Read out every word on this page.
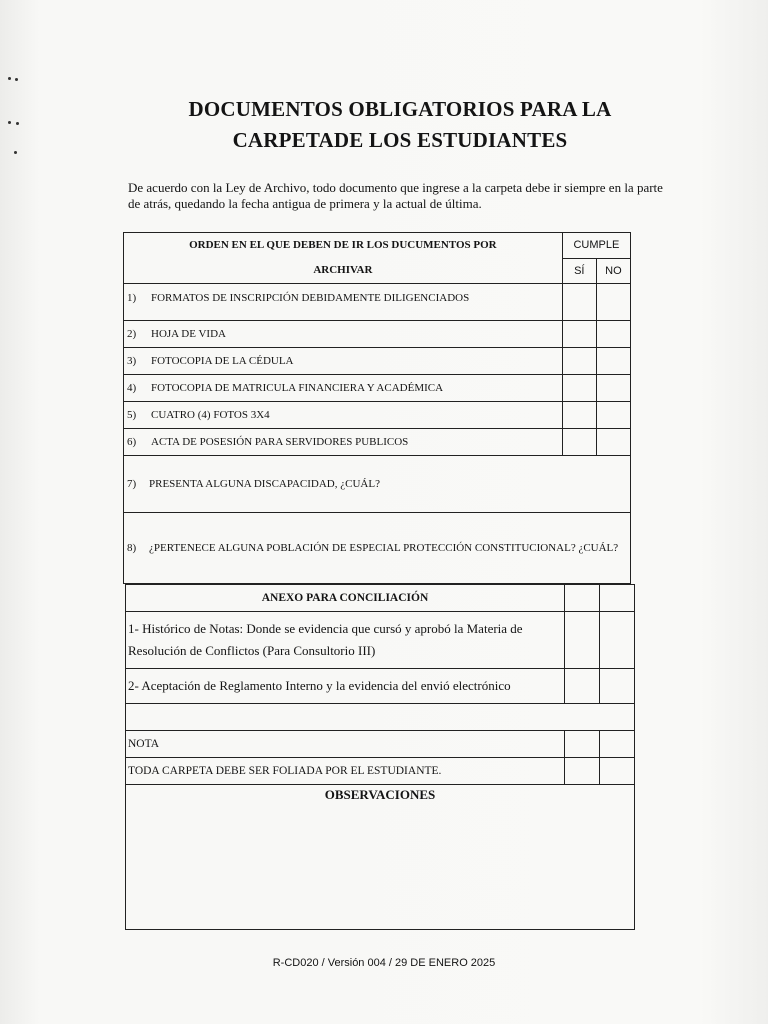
DOCUMENTOS OBLIGATORIOS PARA LA
CARPETADE LOS ESTUDIANTES
De acuerdo con la Ley de Archivo, todo documento que ingrese a la carpeta debe ir siempre en la parte de atrás, quedando la fecha antigua de primera y la actual de última.
ORDEN EN EL QUE DEBEN DE IR LOS DUCUMENTOS POR
ARCHIVAR	CUMPLE	
	SÍ	NO
1) FORMATOS DE INSCRIPCIÓN DEBIDAMENTE DILIGENCIADOS		
2) HOJA DE VIDA		
3) FOTOCOPIA DE LA CÉDULA		
4) FOTOCOPIA DE MATRICULA FINANCIERA Y ACADÉMICA		
5) CUATRO (4) FOTOS 3X4		
6) ACTA DE POSESIÓN PARA SERVIDORES PUBLICOS		
7) PRESENTA ALGUNA DISCAPACIDAD, ¿CUÁL?		

8) ¿PERTENECE ALGUNA POBLACIÓN DE ESPECIAL PROTECCIÓN CONSTITUCIONAL? ¿CUÁL?		
ANEXO PARA CONCILIACIÓN		
1- Histórico de Notas: Donde se evidencia que cursó y aprobó la Materia de Resolución de Conflictos (Para Consultorio III)		
2- Aceptación de Reglamento Interno y la evidencia del envió electrónico		

NOTA		
TODA CARPETA DEBE SER FOLIADA POR EL ESTUDIANTE.		
OBSERVACIONES		
R-CD020 / Versión 004 / 29 DE ENERO 2025
